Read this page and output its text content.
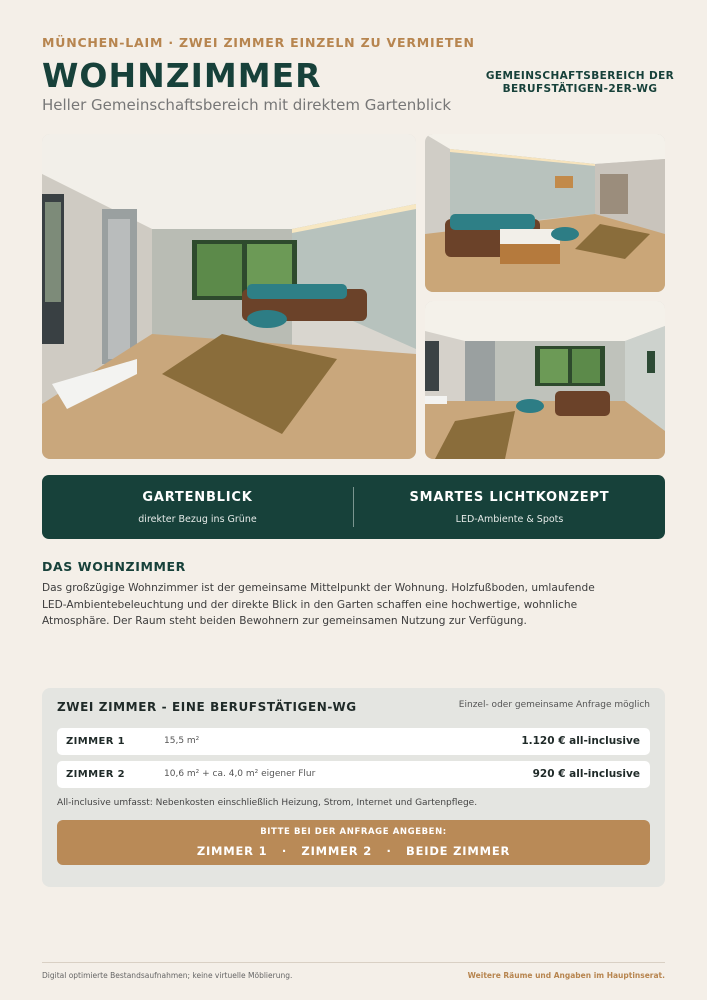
MÜNCHEN-LAIM · ZWEI ZIMMER EINZELN ZU VERMIETEN
WOHNZIMMER
Heller Gemeinschaftsbereich mit direktem Gartenblick
GEMEINSCHAFTSBEREICH DER
BERUFSTÄTIGEN-2ER-WG
GARTENBLICK
direkter Bezug ins Grüne
SMARTES LICHTKONZEPT
LED-Ambiente & Spots
DAS WOHNZIMMER
Das großzügige Wohnzimmer ist der gemeinsame Mittelpunkt der Wohnung. Holzfußboden, umlaufende LED-Ambientebeleuchtung und der direkte Blick in den Garten schaffen eine hochwertige, wohnliche Atmosphäre. Der Raum steht beiden Bewohnern zur gemeinsamen Nutzung zur Verfügung.
ZWEI ZIMMER - EINE BERUFSTÄTIGEN-WG	Einzel- oder gemeinsame Anfrage möglich
ZIMMER 1	15,5 m²	1.120 € all-inclusive
ZIMMER 2	10,6 m² + ca. 4,0 m² eigener Flur	920 € all-inclusive
All-inclusive umfasst: Nebenkosten einschließlich Heizung, Strom, Internet und Gartenpflege.
BITTE BEI DER ANFRAGE ANGEBEN:
ZIMMER 1   ·   ZIMMER 2   ·   BEIDE ZIMMER
Digital optimierte Bestandsaufnahmen; keine virtuelle Möblierung.	Weitere Räume und Angaben im Hauptinserat.
